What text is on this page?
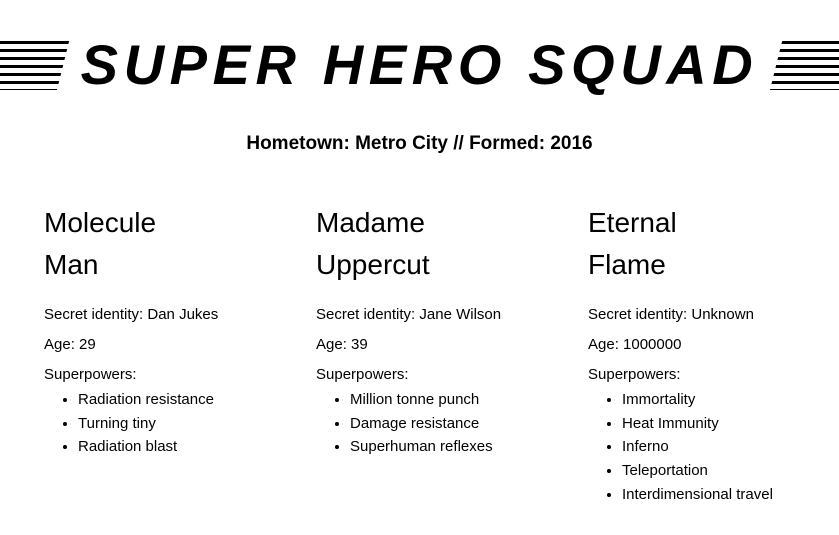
SUPER HERO SQUAD
Hometown: Metro City // Formed: 2016
Molecule
Man
Secret identity: Dan Jukes
Age: 29
Superpowers:
• Radiation resistance
• Turning tiny
• Radiation blast
Madame
Uppercut
Secret identity: Jane Wilson
Age: 39
Superpowers:
• Million tonne punch
• Damage resistance
• Superhuman reflexes
Eternal
Flame
Secret identity: Unknown
Age: 1000000
Superpowers:
• Immortality
• Heat Immunity
• Inferno
• Teleportation
• Interdimensional travel
